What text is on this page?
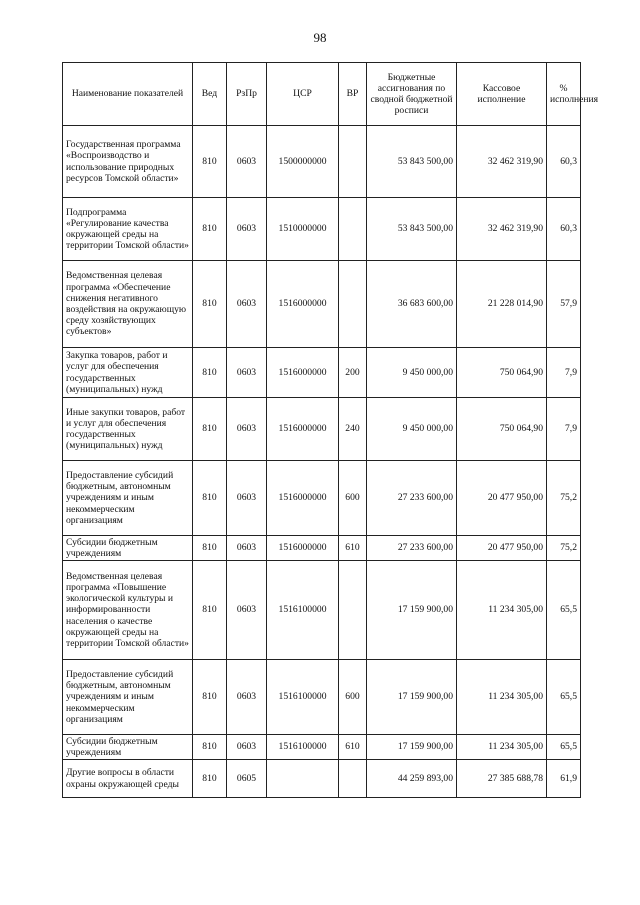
98
Наименование показателей	Вед	РзПр	ЦСР	ВР	Бюджетные ассигнования по сводной бюджетной росписи	Кассовое исполнение	% исполнения
Государственная программа «Воспроизводство и использование природных ресурсов Томской области»	810	0603	1500000000		53 843 500,00	32 462 319,90	60,3
Подпрограмма «Регулирование качества окружающей среды на территории Томской области»	810	0603	1510000000		53 843 500,00	32 462 319,90	60,3
Ведомственная целевая программа «Обеспечение снижения негативного воздействия на окружающую среду хозяйствующих субъектов»	810	0603	1516000000		36 683 600,00	21 228 014,90	57,9
Закупка товаров, работ и услуг для обеспечения государственных (муниципальных) нужд	810	0603	1516000000	200	9 450 000,00	750 064,90	7,9
Иные закупки товаров, работ и услуг для обеспечения государственных (муниципальных) нужд	810	0603	1516000000	240	9 450 000,00	750 064,90	7,9
Предоставление субсидий бюджетным, автономным учреждениям и иным некоммерческим организациям	810	0603	1516000000	600	27 233 600,00	20 477 950,00	75,2
Субсидии бюджетным учреждениям	810	0603	1516000000	610	27 233 600,00	20 477 950,00	75,2
Ведомственная целевая программа «Повышение экологической культуры и информированности населения о качестве окружающей среды на территории Томской области»	810	0603	1516100000		17 159 900,00	11 234 305,00	65,5
Предоставление субсидий бюджетным, автономным учреждениям и иным некоммерческим организациям	810	0603	1516100000	600	17 159 900,00	11 234 305,00	65,5
Субсидии бюджетным учреждениям	810	0603	1516100000	610	17 159 900,00	11 234 305,00	65,5
Другие вопросы в области охраны окружающей среды	810	0605			44 259 893,00	27 385 688,78	61,9
